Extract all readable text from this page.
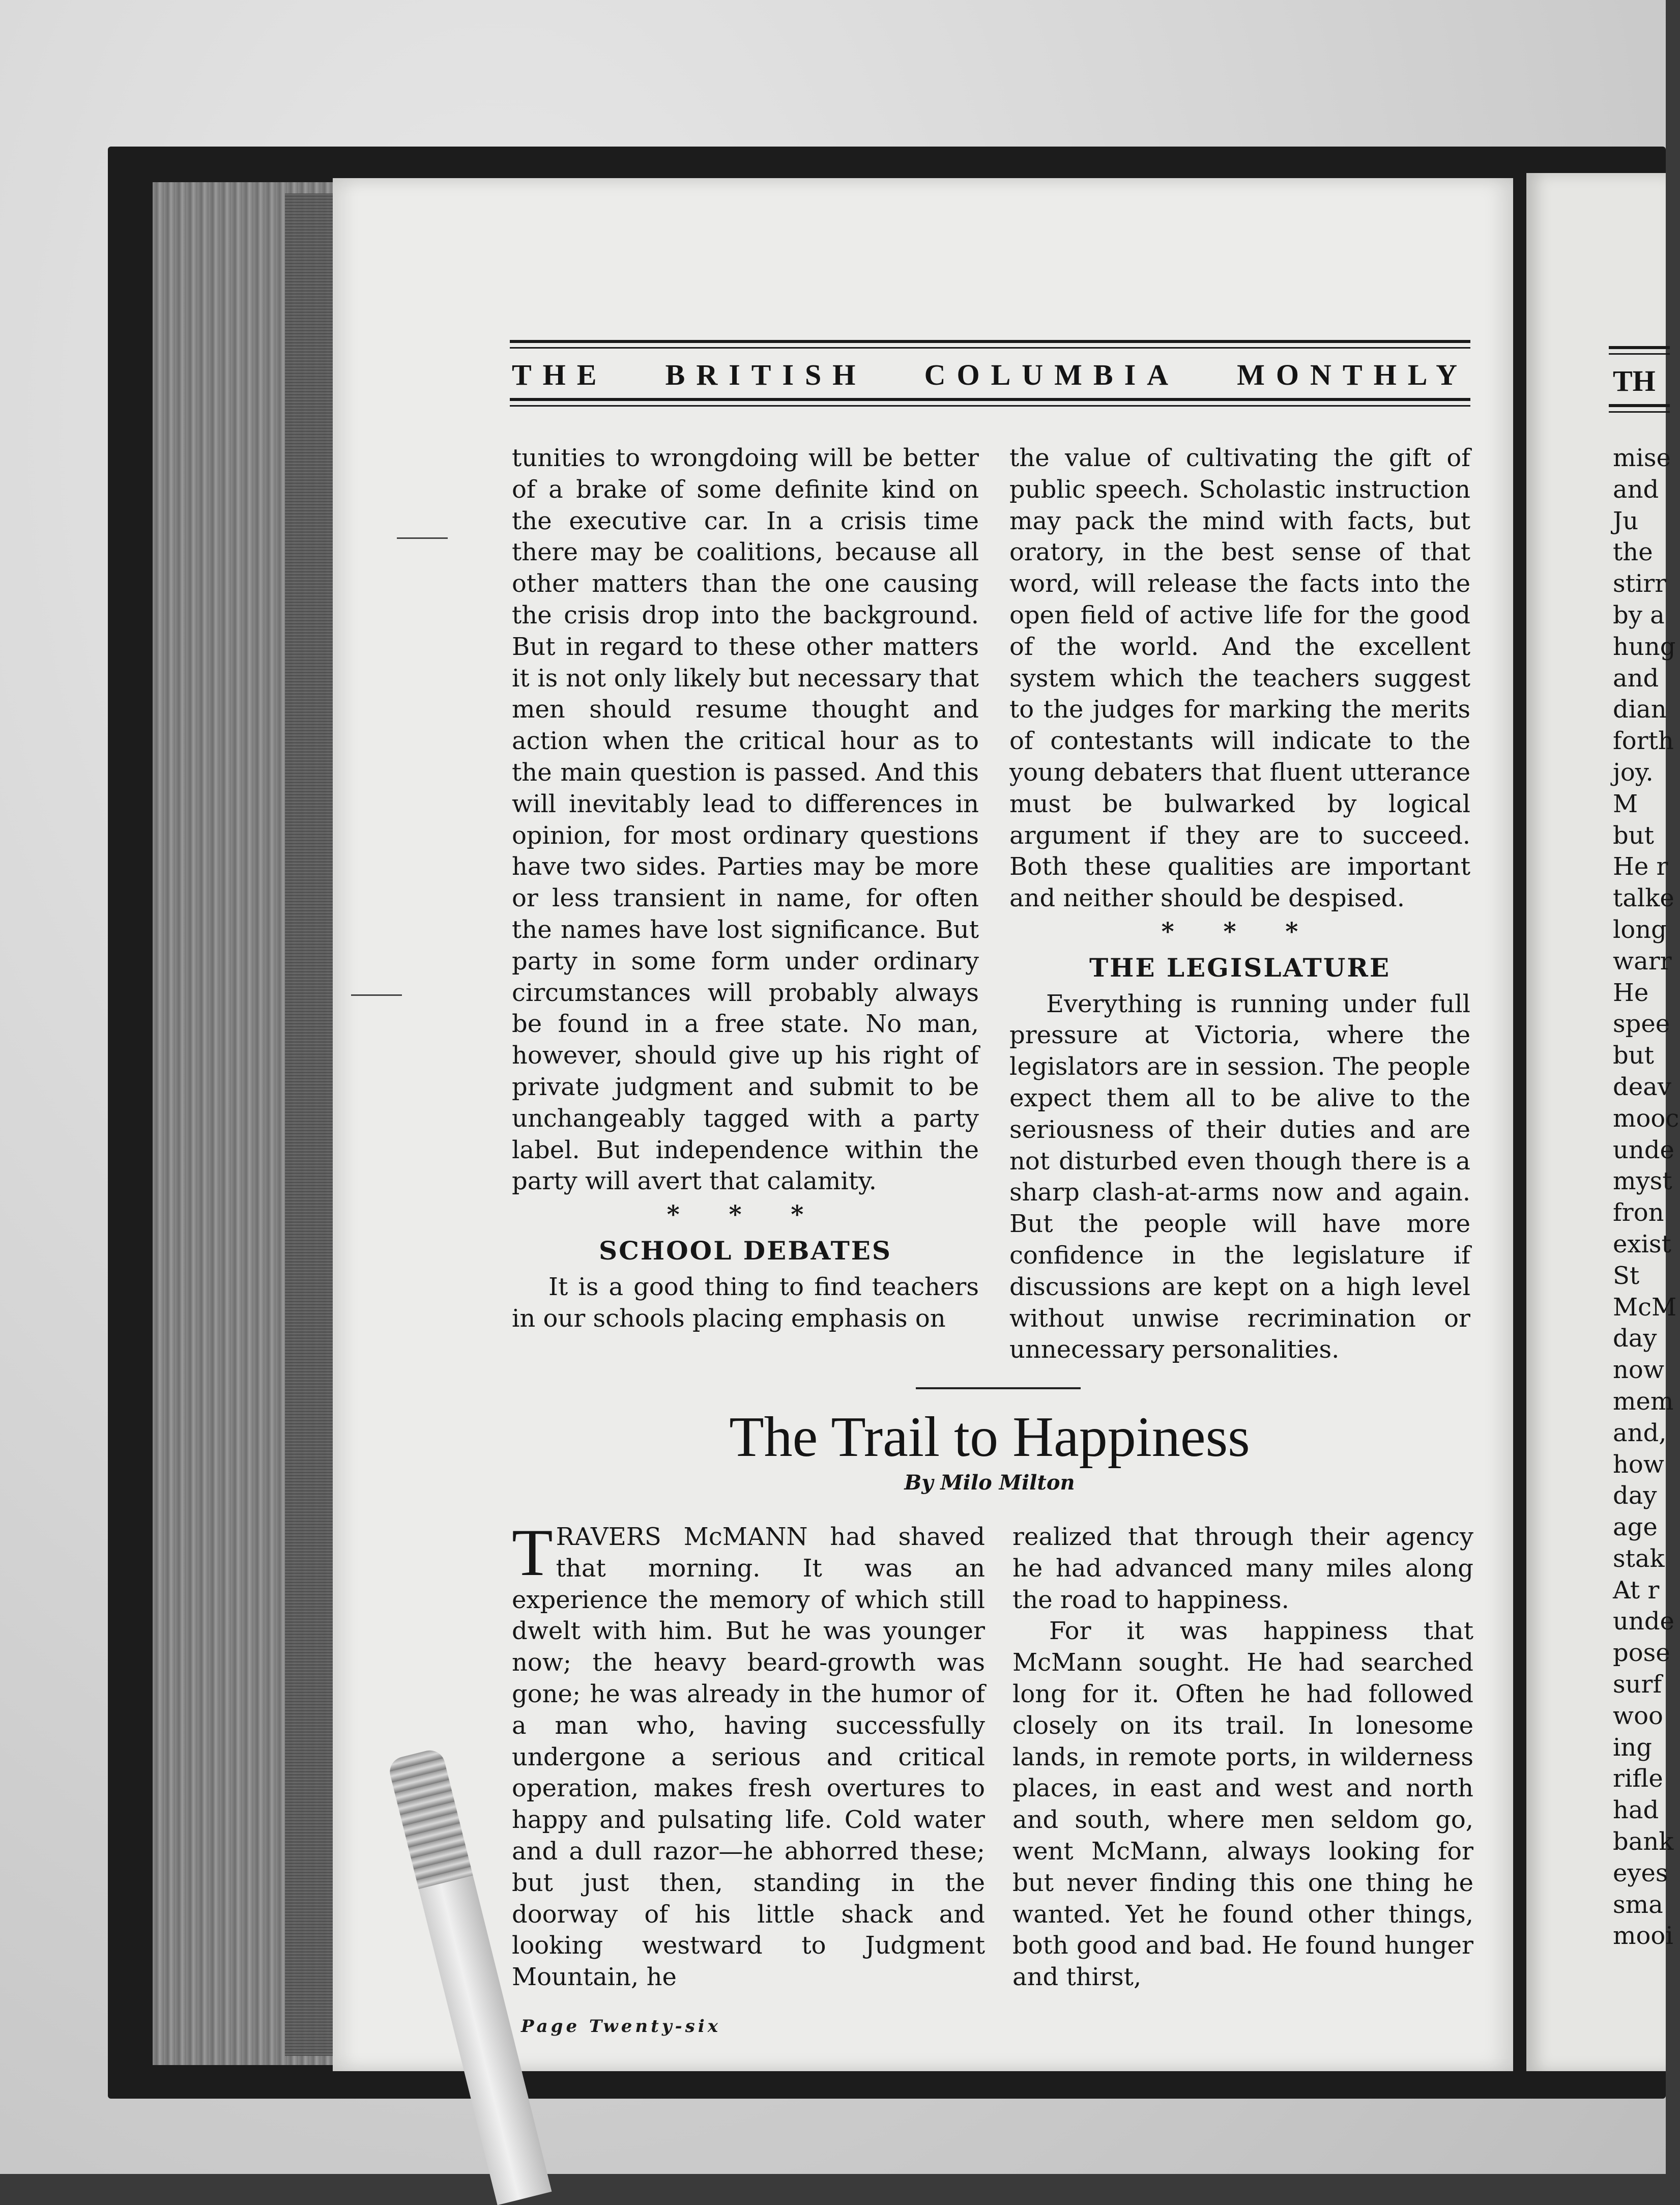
THE BRITISH COLUMBIA MONTHLY

tunities to wrongdoing will be better of a brake of some definite kind on the executive car. In a crisis time there may be coalitions, because all other matters than the one causing the crisis drop into the background. But in regard to these other matters it is not only likely but necessary that men should resume thought and action when the critical hour as to the main question is passed. And this will inevitably lead to differences in opinion, for most ordinary questions have two sides. Parties may be more or less transient in name, for often the names have lost significance. But party in some form under ordinary circumstances will probably always be found in a free state. No man, however, should give up his right of private judgment and submit to be unchangeably tagged with a party label. But independence within the party will avert that calamity.

* * *
SCHOOL DEBATES

It is a good thing to find teachers in our schools placing emphasis on

the value of cultivating the gift of public speech. Scholastic instruction may pack the mind with facts, but oratory, in the best sense of that word, will release the facts into the open field of active life for the good of the world. And the excellent system which the teachers suggest to the judges for marking the merits of contestants will indicate to the young debaters that fluent utterance must be bulwarked by logical argument if they are to succeed. Both these qualities are important and neither should be despised.

* * *
THE LEGISLATURE

Everything is running under full pressure at Victoria, where the legislators are in session. The people expect them all to be alive to the seriousness of their duties and are not disturbed even though there is a sharp clash-at-arms now and again. But the people will have more confidence in the legislature if discussions are kept on a high level without unwise recrimination or unnecessary personalities.

The Trail to Happiness
By Milo Milton

TRAVERS McMANN had shaved that morning. It was an experience the memory of which still dwelt with him. But he was younger now; the heavy beard-growth was gone; he was already in the humor of a man who, having successfully undergone a serious and critical operation, makes fresh overtures to happy and pulsating life. Cold water and a dull razor—he abhorred these; but just then, standing in the doorway of his little shack and looking westward to Judgment Mountain, he

realized that through their agency he had advanced many miles along the road to happiness.

For it was happiness that McMann sought. He had searched long for it. Often he had followed closely on its trail. In lonesome lands, in remote ports, in wilderness places, in east and west and north and south, where men seldom go, went McMann, always looking for but never finding this one thing he wanted. Yet he found other things, both good and bad. He found hunger and thirst,

Page Twenty-six
TH
mise
and
Ju
the
stirr
by a
hung
and
dian
forth
joy.
M
but
He r
talke
long
warr
He
spee
but
deav
mooc
unde
myst
fron
exist
St
McM
day
now
mem
and,
how
day
age
stak
At r
unde
pose
surf
woo
ing
rifle
had
bank
eyes
sma
mooi
